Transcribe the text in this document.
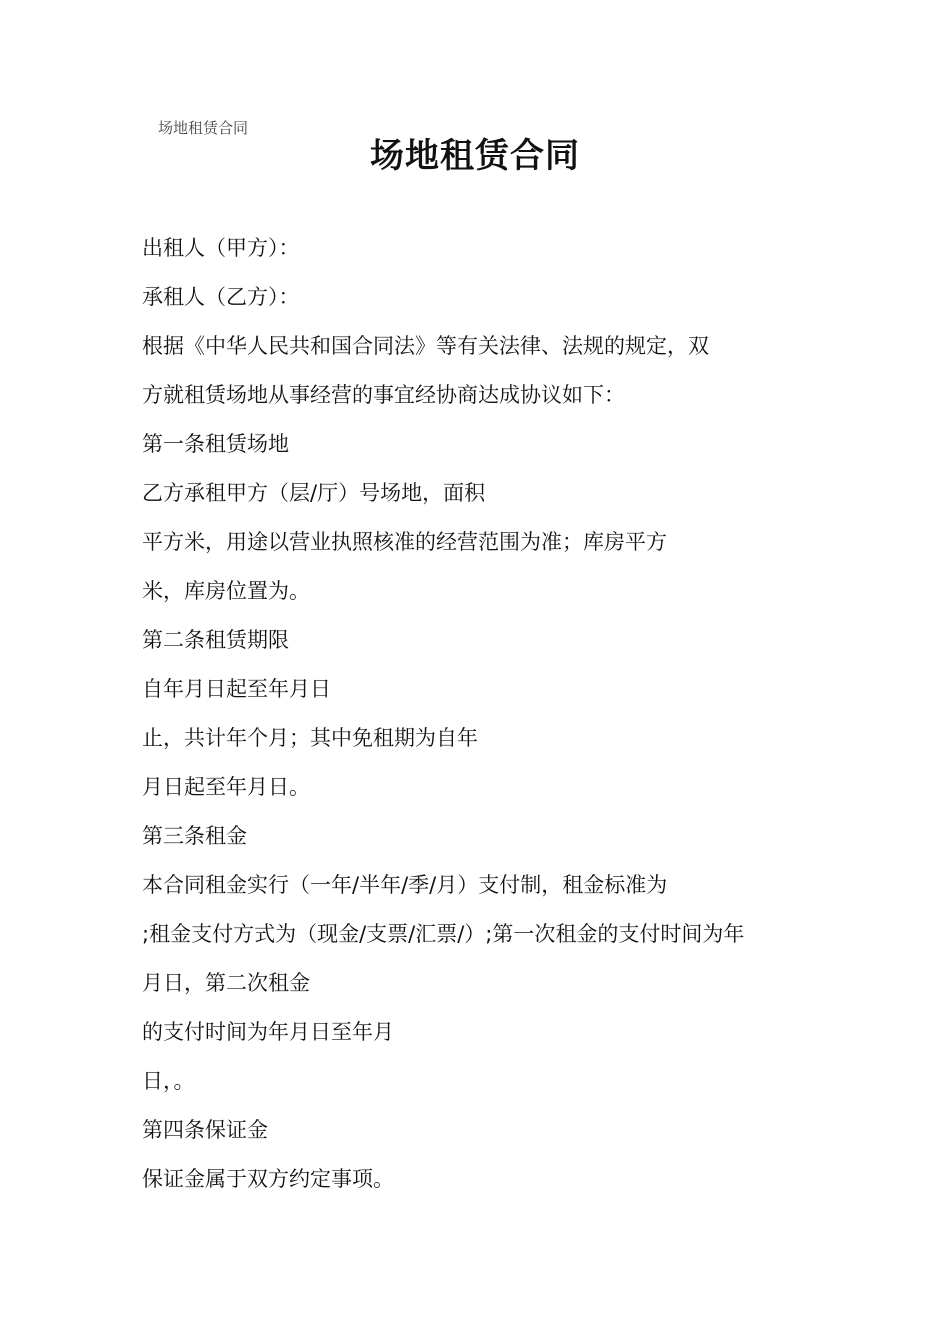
场地租赁合同
场地租赁合同
出租人（甲方）：
承租人（乙方）：
根据《中华人民共和国合同法》等有关法律、法规的规定，双
方就租赁场地从事经营的事宜经协商达成协议如下：
第一条租赁场地
乙方承租甲方（层/厅）号场地，面积
平方米，用途以营业执照核准的经营范围为准；库房平方
米，库房位置为。
第二条租赁期限
自年月日起至年月日
止，共计年个月；其中免租期为自年
月日起至年月日。
第三条租金
本合同租金实行（一年/半年/季/月）支付制，租金标准为
;租金支付方式为（现金/支票/汇票/）;第一次租金的支付时间为年
月日，第二次租金
的支付时间为年月日至年月
日，。
第四条保证金
保证金属于双方约定事项。
